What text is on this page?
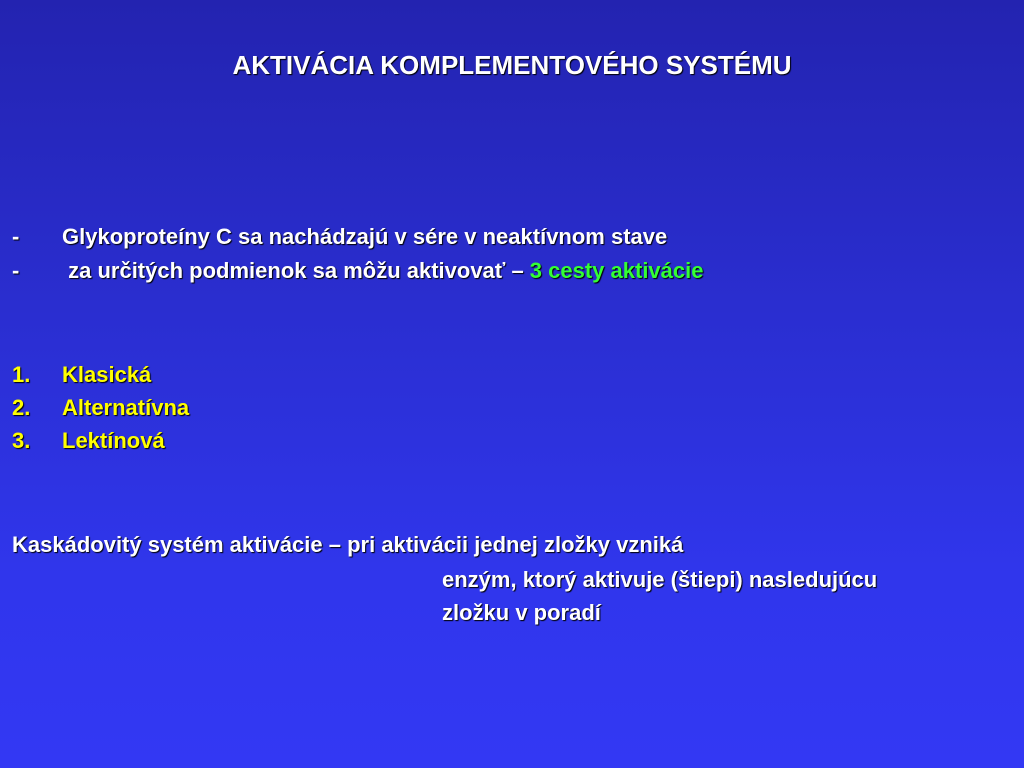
AKTIVÁCIA KOMPLEMENTOVÉHO SYSTÉMU
- Glykoproteíny C sa nachádzajú v sére v neaktívnom stave
- za určitých podmienok sa môžu aktivovať – 3 cesty aktivácie
1. Klasická
2. Alternatívna
3. Lektínová
Kaskádovitý systém aktivácie – pri aktivácii jednej zložky vzniká
enzým, ktorý aktivuje (štiepi) nasledujúcu
zložku v poradí
